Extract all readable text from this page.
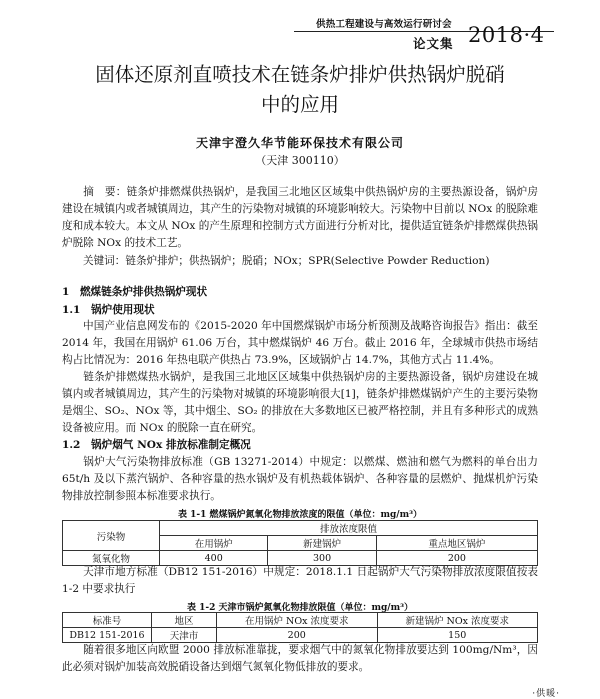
供热工程建设与高效运行研讨会 2018·4
论文集
固体还原剂直喷技术在链条炉排炉供热锅炉脱硝
中的应用
天津宇澄久华节能环保技术有限公司
（天津 300110）
摘　要：链条炉排燃煤供热锅炉，是我国三北地区区域集中供热锅炉房的主要热源设备，锅炉房建设在城镇内或者城镇周边，其产生的污染物对城镇的环境影响较大。污染物中目前以 NOx 的脱除难度和成本较大。本文从 NOx 的产生原理和控制方式方面进行分析对比，提供适宜链条炉排燃煤供热锅炉脱除 NOx 的技术工艺。
关键词：链条炉排炉；供热锅炉；脱硝；NOx；SPR(Selective Powder Reduction)
1　燃煤链条炉排供热锅炉现状
1.1　锅炉使用现状
中国产业信息网发布的《2015-2020 年中国燃煤锅炉市场分析预测及战略咨询报告》指出：截至 2014 年，我国在用锅炉 61.06 万台，其中燃煤锅炉 46 万台。截止 2016 年，全球城市供热市场结构占比情况为：2016 年热电联产供热占 73.9%，区域锅炉占 14.7%，其他方式占 11.4%。
链条炉排燃煤热水锅炉，是我国三北地区区域集中供热锅炉房的主要热源设备，锅炉房建设在城镇内或者城镇周边，其产生的污染物对城镇的环境影响很大[1]，链条炉排燃煤锅炉产生的主要污染物是烟尘、SO₂、NOx 等，其中烟尘、SO₂ 的排放在大多数地区已被严格控制，并且有多种形式的成熟设备被应用。而 NOx 的脱除一直在研究。
1.2　锅炉烟气 NOx 排放标准制定概况
锅炉大气污染物排放标准（GB 13271-2014）中规定：以燃煤、燃油和燃气为燃料的单台出力 65t/h 及以下蒸汽锅炉、各种容量的热水锅炉及有机热载体锅炉、各种容量的层燃炉、抛煤机炉污染物排放控制参照本标准要求执行。
表 1-1 燃煤锅炉氮氧化物排放浓度的限值（单位：mg/m³）
污染物	排放浓度限值		
	在用锅炉	新建锅炉	重点地区锅炉
氮氧化物	400	300	200
天津市地方标准（DB12 151-2016）中规定：2018.1.1 日起锅炉大气污染物排放浓度限值按表 1-2 中要求执行
表 1-2 天津市锅炉氮氧化物排放限值（单位：mg/m³）
标准号	地区	在用锅炉 NOx 浓度要求	新建锅炉 NOx 浓度要求
DB12 151-2016	天津市	200	150
随着很多地区向欧盟 2000 排放标准靠拢，要求烟气中的氮氧化物排放要达到 100mg/Nm³，因此必须对锅炉加装高效脱硝设备达到烟气氮氧化物低排放的要求。
·供暖·
